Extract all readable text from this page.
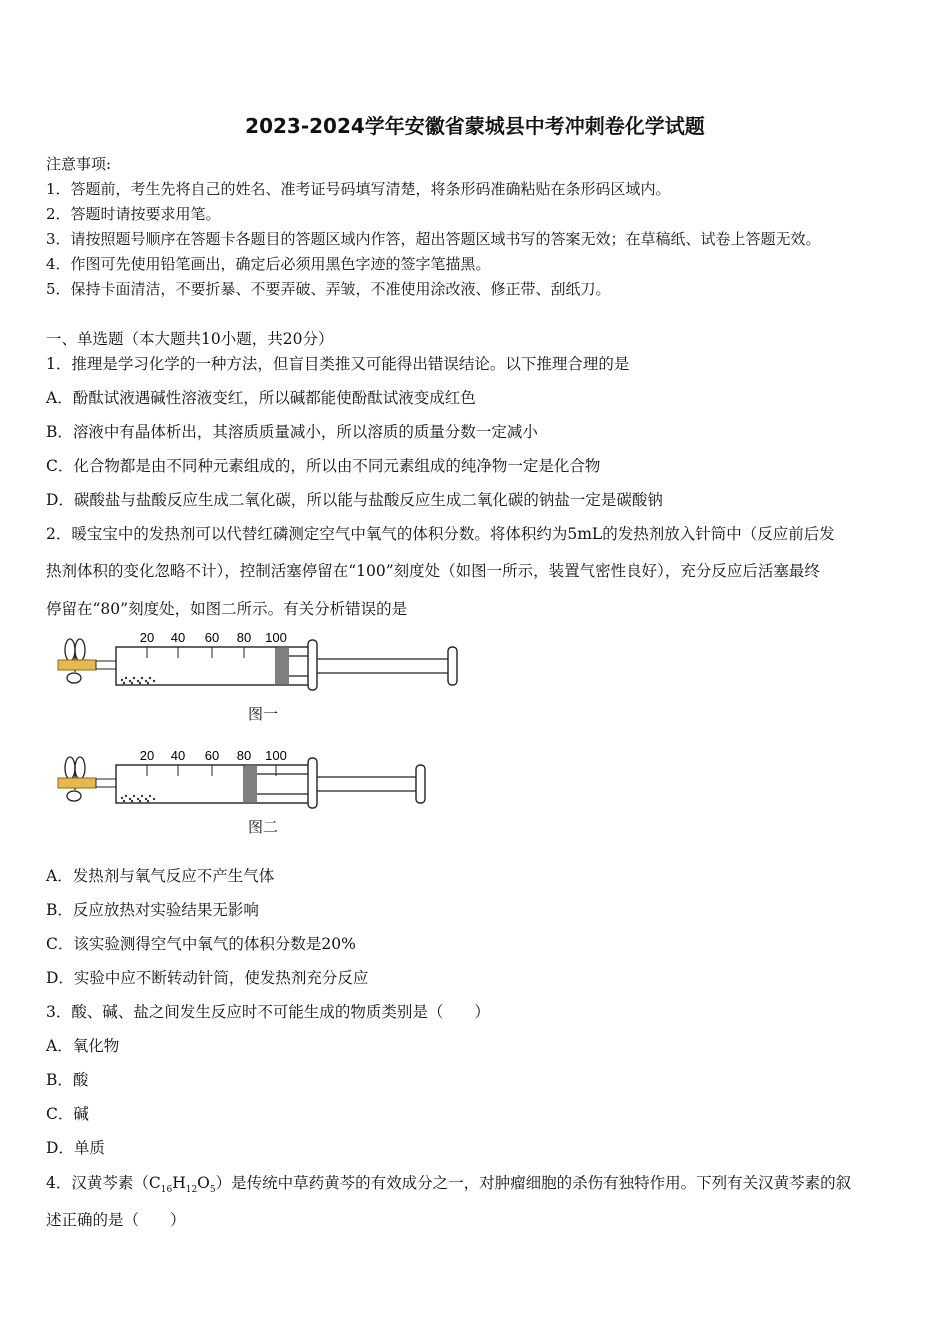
2023-2024学年安徽省蒙城县中考冲刺卷化学试题
注意事项:
1．答题前，考生先将自己的姓名、准考证号码填写清楚，将条形码准确粘贴在条形码区域内。
2．答题时请按要求用笔。
3．请按照题号顺序在答题卡各题目的答题区域内作答，超出答题区域书写的答案无效；在草稿纸、试卷上答题无效。
4．作图可先使用铅笔画出，确定后必须用黑色字迹的签字笔描黑。
5．保持卡面清洁，不要折暴、不要弄破、弄皱，不准使用涂改液、修正带、刮纸刀。
一、单选题（本大题共10小题，共20分）
1．推理是学习化学的一种方法，但盲目类推又可能得出错误结论。以下推理合理的是
A．酚酞试液遇碱性溶液变红，所以碱都能使酚酞试液变成红色
B．溶液中有晶体析出，其溶质质量减小，所以溶质的质量分数一定减小
C．化合物都是由不同种元素组成的，所以由不同元素组成的纯净物一定是化合物
D．碳酸盐与盐酸反应生成二氧化碳，所以能与盐酸反应生成二氧化碳的钠盐一定是碳酸钠
2．暖宝宝中的发热剂可以代替红磷测定空气中氧气的体积分数。将体积约为5mL的发热剂放入针筒中（反应前后发
热剂体积的变化忽略不计），控制活塞停留在“100”刻度处（如图一所示，装置气密性良好），充分反应后活塞最终
停留在“80”刻度处，如图二所示。有关分析错误的是
20 40 60 80 100
图一
20 40 60 80 100
图二
A．发热剂与氧气反应不产生气体
B．反应放热对实验结果无影响
C．该实验测得空气中氧气的体积分数是20%
D．实验中应不断转动针筒，使发热剂充分反应
3．酸、碱、盐之间发生反应时不可能生成的物质类别是（　　）
A．氧化物
B．酸
C．碱
D．单质
4．汉黄芩素$(C_{16}H_{12}O_5)$是传统中草药黄芩的有效成分之一，对肿瘤细胞的杀伤有独特作用。下列有关汉黄芩素的叙
述正确的是（　　）
